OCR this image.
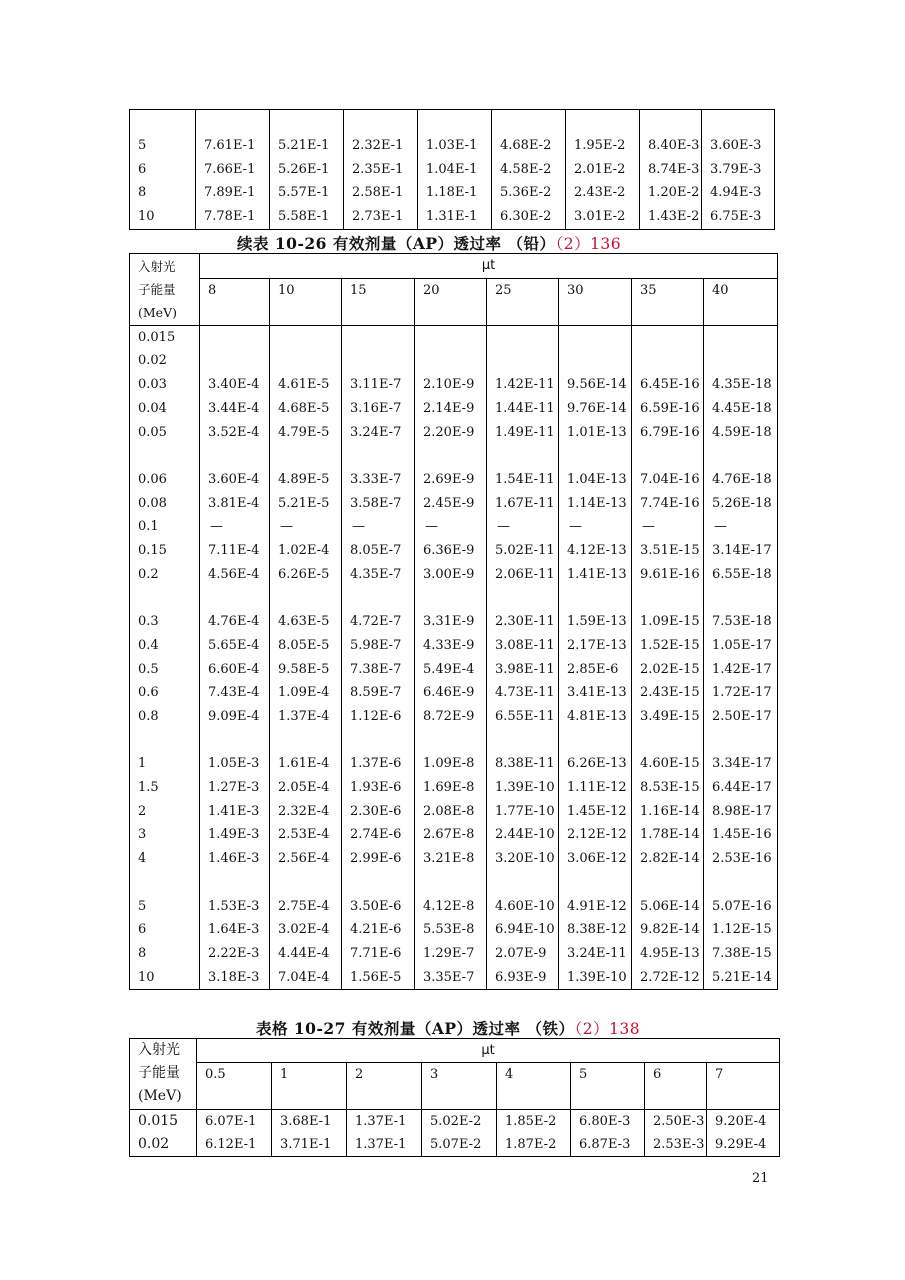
5	7.61E-1	5.21E-1	2.32E-1	1.03E-1	4.68E-2	1.95E-2	8.40E-3	3.60E-3
6	7.66E-1	5.26E-1	2.35E-1	1.04E-1	4.58E-2	2.01E-2	8.74E-3	3.79E-3
8	7.89E-1	5.57E-1	2.58E-1	1.18E-1	5.36E-2	2.43E-2	1.20E-2	4.94E-3
10	7.78E-1	5.58E-1	2.73E-1	1.31E-1	6.30E-2	3.01E-2	1.43E-2	6.75E-3
续表 10-26 有效剂量（AP）透过率 （铅）（2）136
入射光
子能量
(MeV)	μt							
	8	10	15	20	25	30	35	40
0.015								
0.02								
0.03	3.40E-4	4.61E-5	3.11E-7	2.10E-9	1.42E-11	9.56E-14	6.45E-16	4.35E-18
0.04	3.44E-4	4.68E-5	3.16E-7	2.14E-9	1.44E-11	9.76E-14	6.59E-16	4.45E-18
0.05	3.52E-4	4.79E-5	3.24E-7	2.20E-9	1.49E-11	1.01E-13	6.79E-16	4.59E-18

0.06	3.60E-4	4.89E-5	3.33E-7	2.69E-9	1.54E-11	1.04E-13	7.04E-16	4.76E-18
0.08	3.81E-4	5.21E-5	3.58E-7	2.45E-9	1.67E-11	1.14E-13	7.74E-16	5.26E-18
0.1	—	—	—	—	—	—	—	—
0.15	7.11E-4	1.02E-4	8.05E-7	6.36E-9	5.02E-11	4.12E-13	3.51E-15	3.14E-17
0.2	4.56E-4	6.26E-5	4.35E-7	3.00E-9	2.06E-11	1.41E-13	9.61E-16	6.55E-18

0.3	4.76E-4	4.63E-5	4.72E-7	3.31E-9	2.30E-11	1.59E-13	1.09E-15	7.53E-18
0.4	5.65E-4	8.05E-5	5.98E-7	4.33E-9	3.08E-11	2.17E-13	1.52E-15	1.05E-17
0.5	6.60E-4	9.58E-5	7.38E-7	5.49E-4	3.98E-11	2.85E-6	2.02E-15	1.42E-17
0.6	7.43E-4	1.09E-4	8.59E-7	6.46E-9	4.73E-11	3.41E-13	2.43E-15	1.72E-17
0.8	9.09E-4	1.37E-4	1.12E-6	8.72E-9	6.55E-11	4.81E-13	3.49E-15	2.50E-17

1	1.05E-3	1.61E-4	1.37E-6	1.09E-8	8.38E-11	6.26E-13	4.60E-15	3.34E-17
1.5	1.27E-3	2.05E-4	1.93E-6	1.69E-8	1.39E-10	1.11E-12	8.53E-15	6.44E-17
2	1.41E-3	2.32E-4	2.30E-6	2.08E-8	1.77E-10	1.45E-12	1.16E-14	8.98E-17
3	1.49E-3	2.53E-4	2.74E-6	2.67E-8	2.44E-10	2.12E-12	1.78E-14	1.45E-16
4	1.46E-3	2.56E-4	2.99E-6	3.21E-8	3.20E-10	3.06E-12	2.82E-14	2.53E-16

5	1.53E-3	2.75E-4	3.50E-6	4.12E-8	4.60E-10	4.91E-12	5.06E-14	5.07E-16
6	1.64E-3	3.02E-4	4.21E-6	5.53E-8	6.94E-10	8.38E-12	9.82E-14	1.12E-15
8	2.22E-3	4.44E-4	7.71E-6	1.29E-7	2.07E-9	3.24E-11	4.95E-13	7.38E-15
10	3.18E-3	7.04E-4	1.56E-5	3.35E-7	6.93E-9	1.39E-10	2.72E-12	5.21E-14
表格 10-27 有效剂量（AP）透过率 （铁）（2）138
入射光
子能量
(MeV)	μt							
	0.5	1	2	3	4	5	6	7
0.015	6.07E-1	3.68E-1	1.37E-1	5.02E-2	1.85E-2	6.80E-3	2.50E-3	9.20E-4
0.02	6.12E-1	3.71E-1	1.37E-1	5.07E-2	1.87E-2	6.87E-3	2.53E-3	9.29E-4
21
